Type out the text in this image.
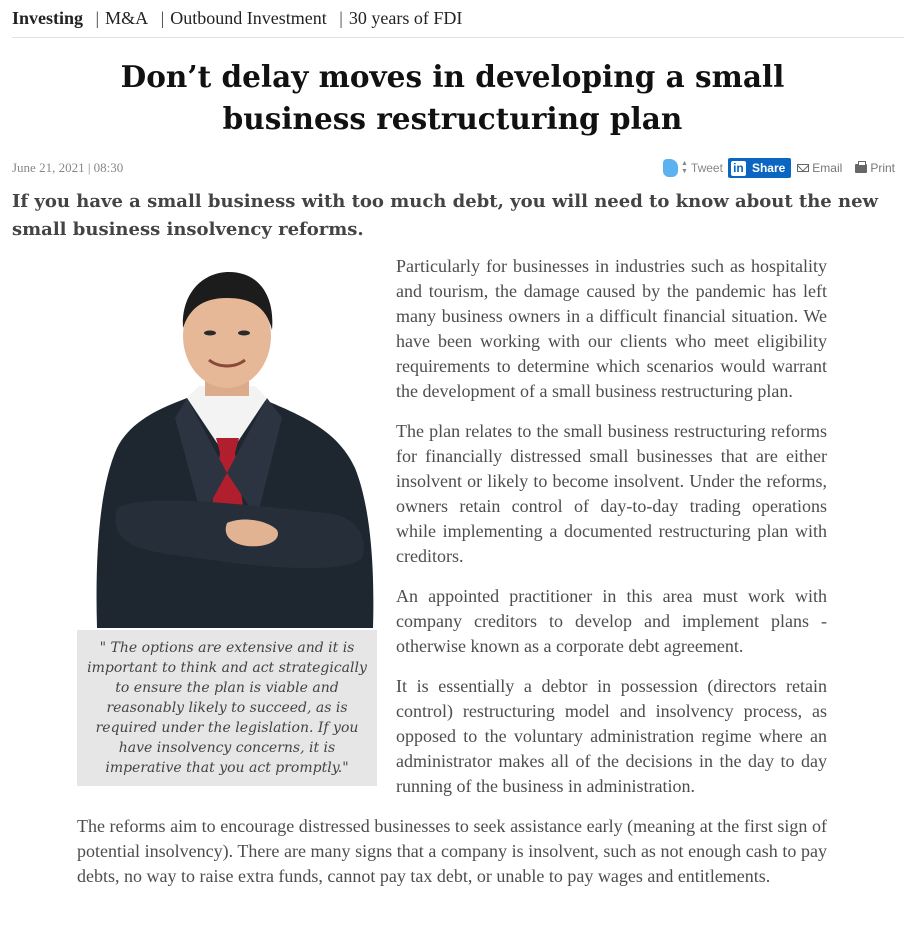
Investing | M&A | Outbound Investment | 30 years of FDI
Don’t delay moves in developing a small
business restructuring plan
June 21, 2021 | 08:30	▲
▼ Tweet in Share Email Print
If you have a small business with too much debt, you will need to know about the new small business insolvency reforms.
" The options are extensive and it is important to think and act strategically to ensure the plan is viable and reasonably likely to succeed, as is required under the legislation. If you have insolvency concerns, it is imperative that you act promptly."

Particularly for businesses in industries such as hospitality and tourism, the damage caused by the pandemic has left many business owners in a difficult financial situation. We have been working with our clients who meet eligibility requirements to determine which scenarios would warrant the development of a small business restructuring plan.

The plan relates to the small business restructuring reforms for financially distressed small businesses that are either insolvent or likely to become insolvent. Under the reforms, owners retain control of day-to-day trading operations while implementing a documented restructuring plan with creditors.

An appointed practitioner in this area must work with company creditors to develop and implement plans - otherwise known as a corporate debt agreement.

It is essentially a debtor in possession (directors retain control) restructuring model and insolvency process, as opposed to the voluntary administration regime where an administrator makes all of the decisions in the day to day running of the business in administration.

The reforms aim to encourage distressed businesses to seek assistance early (meaning at the first sign of potential insolvency). There are many signs that a company is insolvent, such as not enough cash to pay debts, no way to raise extra funds, cannot pay tax debt, or unable to pay wages and entitlements.
